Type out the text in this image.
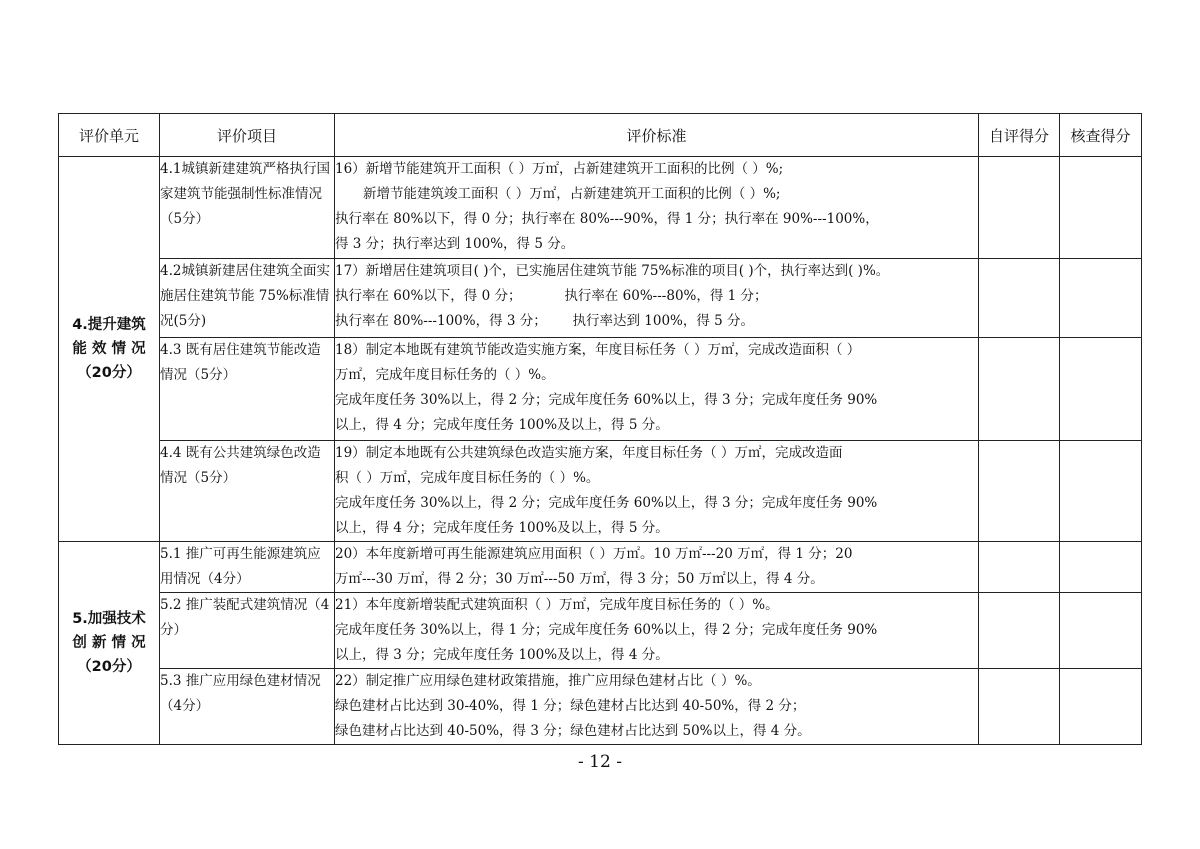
评价单元	评价项目	评价标准	自评得分	核查得分

4.提升建筑
能 效 情 况
（20分）	4.1城镇新建建筑严格执行国家建筑节能强制性标准情况（5分）	16）新增节能建筑开工面积（ ）万㎡，占新建建筑开工面积的比例（ ）%;
新增节能建筑竣工面积（ ）万㎡，占新建建筑开工面积的比例（ ）%;
执行率在 80%以下，得 0 分；执行率在 80%---90%，得 1 分；执行率在 90%---100%，
得 3 分；执行率达到 100%，得 5 分。		

	4.2城镇新建居住建筑全面实施居住建筑节能 75%标准情况(5分)	17）新增居住建筑项目( )个，已实施居住建筑节能 75%标准的项目( )个，执行率达到( )%。
执行率在 60%以下，得 0 分；          执行率在 60%---80%，得 1 分；
执行率在 80%---100%，得 3 分；      执行率达到 100%，得 5 分。		

	4.3 既有居住建筑节能改造情况（5分）	18）制定本地既有建筑节能改造实施方案，年度目标任务（ ）万㎡，完成改造面积（ ）
万㎡，完成年度目标任务的（ ）%。
完成年度任务 30%以上，得 2 分；完成年度任务 60%以上，得 3 分；完成年度任务 90%
以上，得 4 分；完成年度任务 100%及以上，得 5 分。		

	4.4 既有公共建筑绿色改造情况（5分）	19）制定本地既有公共建筑绿色改造实施方案，年度目标任务（ ）万㎡，完成改造面
积（ ）万㎡，完成年度目标任务的（ ）%。
完成年度任务 30%以上，得 2 分；完成年度任务 60%以上，得 3 分；完成年度任务 90%
以上，得 4 分；完成年度任务 100%及以上，得 5 分。		

5.加强技术
创 新 情 况
（20分）	5.1 推广可再生能源建筑应用情况（4分）	20）本年度新增可再生能源建筑应用面积（ ）万㎡。10 万㎡---20 万㎡，得 1 分；20
万㎡---30 万㎡，得 2 分；30 万㎡---50 万㎡，得 3 分；50 万㎡以上，得 4 分。		

	5.2 推广装配式建筑情况（4分）	21）本年度新增装配式建筑面积（ ）万㎡，完成年度目标任务的（ ）%。
完成年度任务 30%以上，得 1 分；完成年度任务 60%以上，得 2 分；完成年度任务 90%
以上，得 3 分；完成年度任务 100%及以上，得 4 分。		

	5.3 推广应用绿色建材情况（4分）	22）制定推广应用绿色建材政策措施，推广应用绿色建材占比（ ）%。
绿色建材占比达到 30-40%，得 1 分；绿色建材占比达到 40-50%，得 2 分；
绿色建材占比达到 40-50%，得 3 分；绿色建材占比达到 50%以上，得 4 分。		

- 12 -
